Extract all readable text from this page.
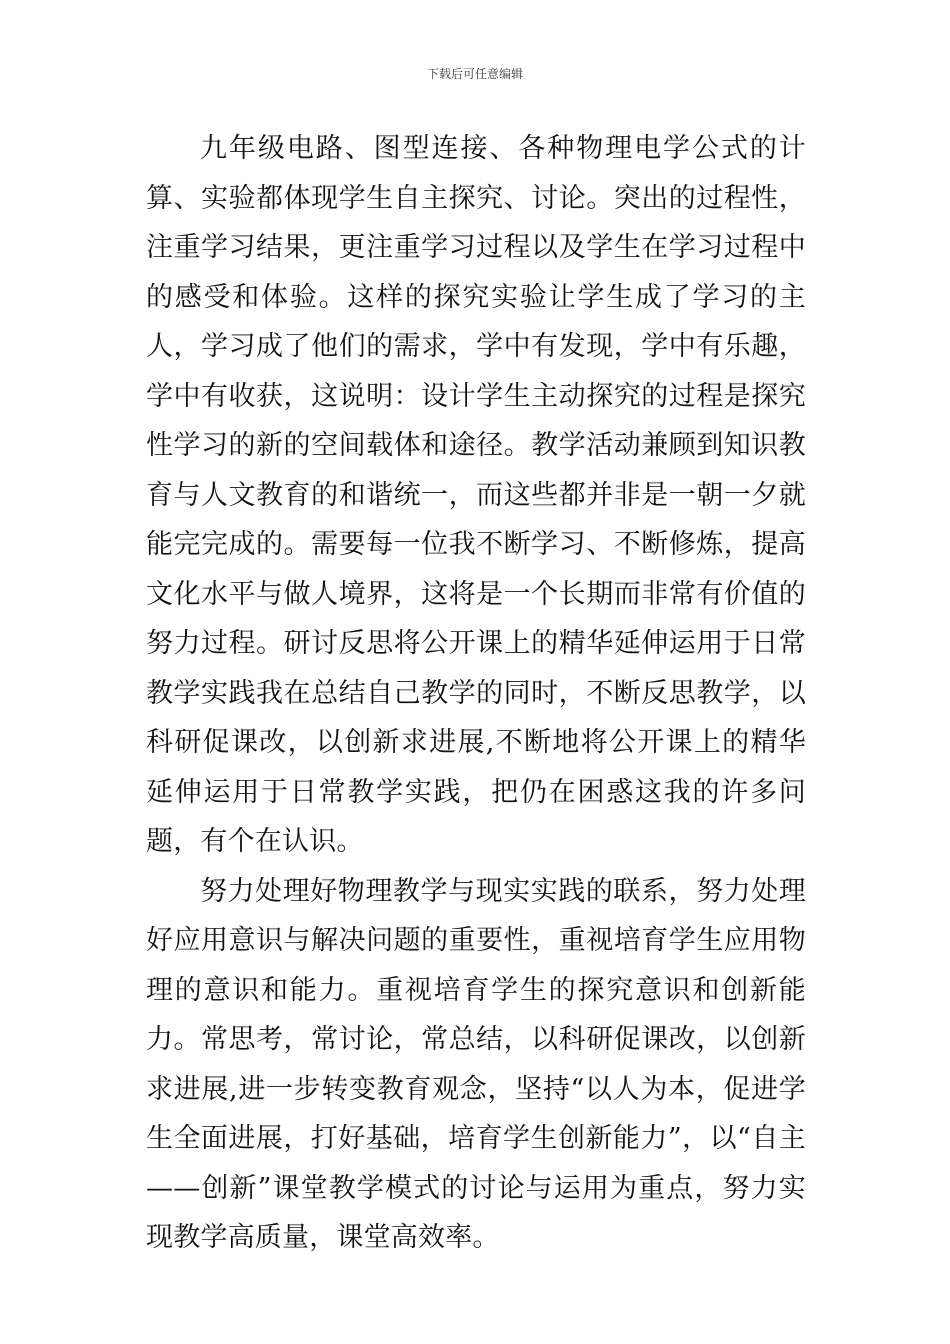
下载后可任意编辑

九年级电路、图型连接、各种物理电学公式的计算、实验都体现学生自主探究、讨论。突出的过程性，注重学习结果，更注重学习过程以及学生在学习过程中的感受和体验。这样的探究实验让学生成了学习的主人，学习成了他们的需求，学中有发现，学中有乐趣，学中有收获，这说明：设计学生主动探究的过程是探究性学习的新的空间载体和途径。教学活动兼顾到知识教育与人文教育的和谐统一，而这些都并非是一朝一夕就能完完成的。需要每一位我不断学习、不断修炼，提高文化水平与做人境界，这将是一个长期而非常有价值的努力过程。研讨反思将公开课上的精华延伸运用于日常教学实践我在总结自己教学的同时，不断反思教学，以科研促课改，以创新求进展,不断地将公开课上的精华延伸运用于日常教学实践，把仍在困惑这我的许多问题，有个在认识。

努力处理好物理教学与现实实践的联系，努力处理好应用意识与解决问题的重要性，重视培育学生应用物理的意识和能力。重视培育学生的探究意识和创新能力。常思考，常讨论，常总结，以科研促课改，以创新求进展,进一步转变教育观念，坚持“以人为本，促进学生全面进展，打好基础，培育学生创新能力”，以“自主——创新”课堂教学模式的讨论与运用为重点，努力实现教学高质量，课堂高效率。
